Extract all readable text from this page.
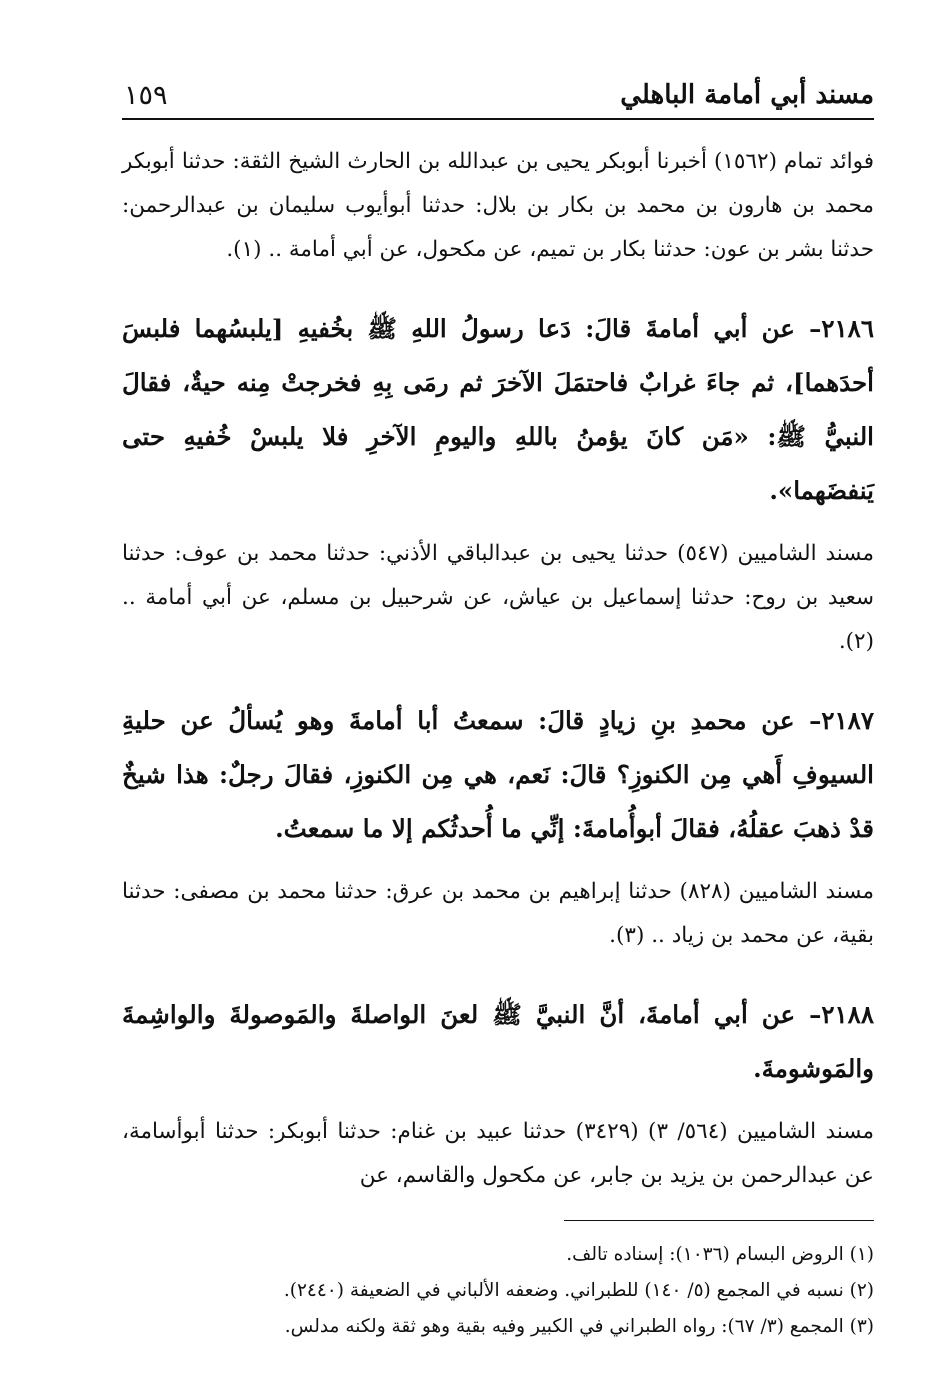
مسند أبي أمامة الباهلي
١٥٩

فوائد تمام (١٥٦٢) أخبرنا أبوبكر يحيى بن عبدالله بن الحارث الشيخ الثقة: حدثنا أبوبكر محمد بن هارون بن محمد بن بكار بن بلال: حدثنا أبوأيوب سليمان بن عبدالرحمن: حدثنا بشر بن عون: حدثنا بكار بن تميم، عن مكحول، عن أبي أمامة .. (١).

٢١٨٦– عن أبي أمامةَ قالَ: دَعا رسولُ اللهِ ﷺ بخُفيهِ [يلبسُهما فلبسَ أحدَهما]، ثم جاءَ غرابٌ فاحتمَلَ الآخرَ ثم رمَى بِهِ فخرجتْ مِنه حيةٌ، فقالَ النبيُّ ﷺ: «مَن كانَ يؤمنُ باللهِ واليومِ الآخرِ فلا يلبسْ خُفيهِ حتى يَنفضَهما».

مسند الشاميين (٥٤٧) حدثنا يحيى بن عبدالباقي الأذني: حدثنا محمد بن عوف: حدثنا سعيد بن روح: حدثنا إسماعيل بن عياش، عن شرحبيل بن مسلم، عن أبي أمامة .. (٢).

٢١٨٧– عن محمدِ بنِ زيادٍ قالَ: سمعتُ أبا أمامةَ وهو يُسألُ عن حليةِ السيوفِ أَهي مِن الكنوزِ؟ قالَ: نَعم، هي مِن الكنوزِ، فقالَ رجلٌ: هذا شيخٌ قدْ ذهبَ عقلُهُ، فقالَ أبوأُمامةَ: إنِّي ما أُحدثُكم إلا ما سمعتُ.

مسند الشاميين (٨٢٨) حدثنا إبراهيم بن محمد بن عرق: حدثنا محمد بن مصفى: حدثنا بقية، عن محمد بن زياد .. (٣).

٢١٨٨– عن أبي أمامةَ، أنَّ النبيَّ ﷺ لعنَ الواصلةَ والمَوصولةَ والواشِمةَ والمَوشومةَ.

مسند الشاميين (٥٦٤/ ٣) (٣٤٢٩) حدثنا عبيد بن غنام: حدثنا أبوبكر: حدثنا أبوأسامة، عن عبدالرحمن بن يزيد بن جابر، عن مكحول والقاسم، عن

(١) الروض البسام (١٠٣٦): إسناده تالف.

(٢) نسبه في المجمع (٥/ ١٤٠) للطبراني. وضعفه الألباني في الضعيفة (٢٤٤٠).

(٣) المجمع (٣/ ٦٧): رواه الطبراني في الكبير وفيه بقية وهو ثقة ولكنه مدلس.
